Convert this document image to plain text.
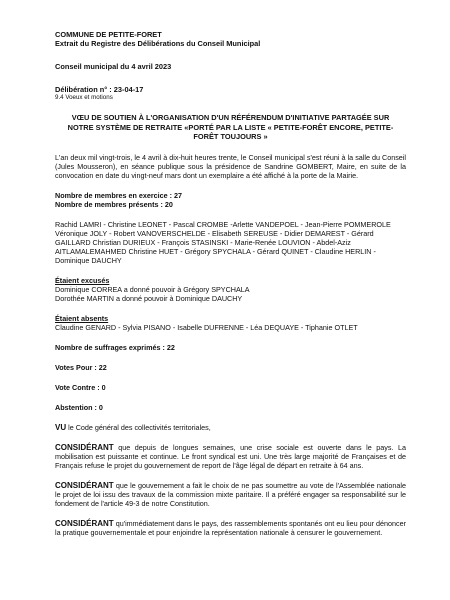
COMMUNE DE PETITE-FORET
Extrait du Registre des Délibérations du Conseil Municipal
Conseil municipal du 4 avril 2023
Délibération n° : 23-04-17
9.4 Voeux et motions
VŒU DE SOUTIEN À L'ORGANISATION D'UN RÉFÉRENDUM D'INITIATIVE PARTAGÉE SUR NOTRE SYSTÈME DE RETRAITE «PORTÉ PAR LA LISTE « PETITE-FORÊT ENCORE, PETITE-FORÊT TOUJOURS »

L'an deux mil vingt-trois, le 4 avril à dix-huit heures trente, le Conseil municipal s'est réuni à la salle du Conseil (Jules Mousseron), en séance publique sous la présidence de Sandrine GOMBERT, Maire, en suite de la convocation en date du vingt-neuf mars dont un exemplaire a été affiché à la porte de la Mairie.

Nombre de membres en exercice : 27
Nombre de membres présents : 20

Rachid LAMRI - Christine LEONET - Pascal CROMBE -Arlette VANDEPOEL - Jean-Pierre POMMEROLE Véronique JOLY - Robert VANOVERSCHELDE - Elisabeth SEREUSE - Didier DEMAREST - Gérard GAILLARD Christian DURIEUX - François STASINSKI - Marie-Renée LOUVION - Abdel-Aziz AITLAMALEMAHMED Christine HUET - Grégory SPYCHALA - Gérard QUINET - Claudine HERLIN - Dominique DAUCHY

Étaient excusés
Dominique CORREA a donné pouvoir à Grégory SPYCHALA
Dorothée MARTIN a donné pouvoir à Dominique DAUCHY
Étaient absents
Claudine GENARD - Sylvia PISANO - Isabelle DUFRENNE - Léa DEQUAYE - Tiphanie OTLET
Nombre de suffrages exprimés : 22
Votes Pour : 22
Vote Contre : 0
Abstention : 0

VU le Code général des collectivités territoriales,

CONSIDÉRANT que depuis de longues semaines, une crise sociale est ouverte dans le pays. La mobilisation est puissante et continue. Le front syndical est uni. Une très large majorité de Françaises et de Français refuse le projet du gouvernement de report de l'âge légal de départ en retraite à 64 ans.

CONSIDÉRANT que le gouvernement a fait le choix de ne pas soumettre au vote de l'Assemblée nationale le projet de loi issu des travaux de la commission mixte paritaire. Il a préféré engager sa responsabilité sur le fondement de l'article 49-3 de notre Constitution.

CONSIDÉRANT qu'immédiatement dans le pays, des rassemblements spontanés ont eu lieu pour dénoncer la pratique gouvernementale et pour enjoindre la représentation nationale à censurer le gouvernement.
